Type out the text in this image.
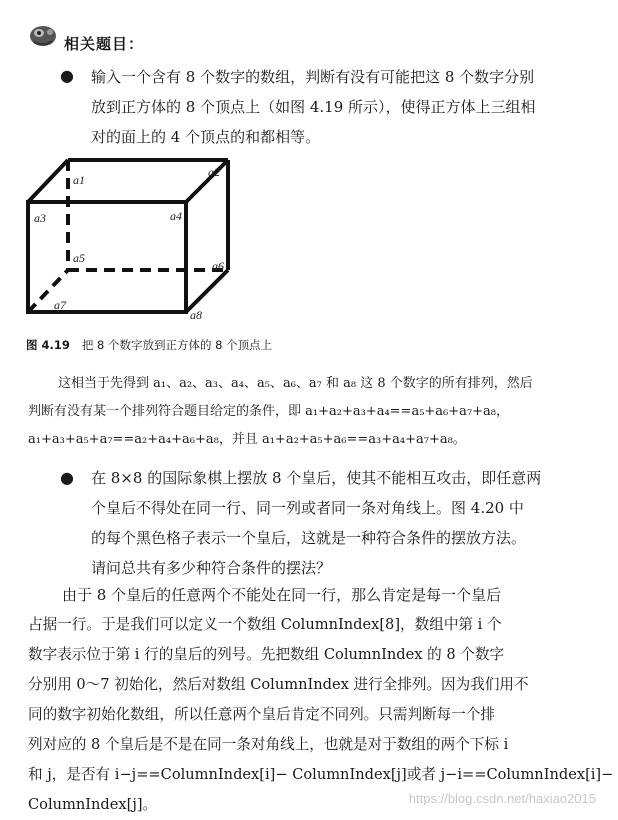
相关题目：
● 输入一个含有 8 个数字的数组，判断有没有可能把这 8 个数字分别
放到正方体的 8 个顶点上（如图 4.19 所示），使得正方体上三组相
对的面上的 4 个顶点的和都相等。
a1
a2
a3	a4
a5
a6
a7
a8
图 4.19 把 8 个数字放到正方体的 8 个顶点上
这相当于先得到 a₁、a₂、a₃、a₄、a₅、a₆、a₇ 和 a₈ 这 8 个数字的所有排列，然后
判断有没有某一个排列符合题目给定的条件，即 a₁+a₂+a₃+a₄==a₅+a₆+a₇+a₈，
a₁+a₃+a₅+a₇==a₂+a₄+a₆+a₈，并且 a₁+a₂+a₅+a₆==a₃+a₄+a₇+a₈。
● 在 8×8 的国际象棋上摆放 8 个皇后，使其不能相互攻击，即任意两
个皇后不得处在同一行、同一列或者同一条对角线上。图 4.20 中
的每个黑色格子表示一个皇后，这就是一种符合条件的摆放方法。
请问总共有多少种符合条件的摆法？
由于 8 个皇后的任意两个不能处在同一行，那么肯定是每一个皇后
占据一行。于是我们可以定义一个数组 ColumnIndex[8]，数组中第 i 个
数字表示位于第 i 行的皇后的列号。先把数组 ColumnIndex 的 8 个数字
分别用 0～7 初始化，然后对数组 ColumnIndex 进行全排列。因为我们用不
同的数字初始化数组，所以任意两个皇后肯定不同列。只需判断每一个排
列对应的 8 个皇后是不是在同一条对角线上，也就是对于数组的两个下标 i
和 j，是否有 i−j==ColumnIndex[i]− ColumnIndex[j]或者 j−i==ColumnIndex[i]−
ColumnIndex[j]。	https://blog.csdn.net/haxiao2015
